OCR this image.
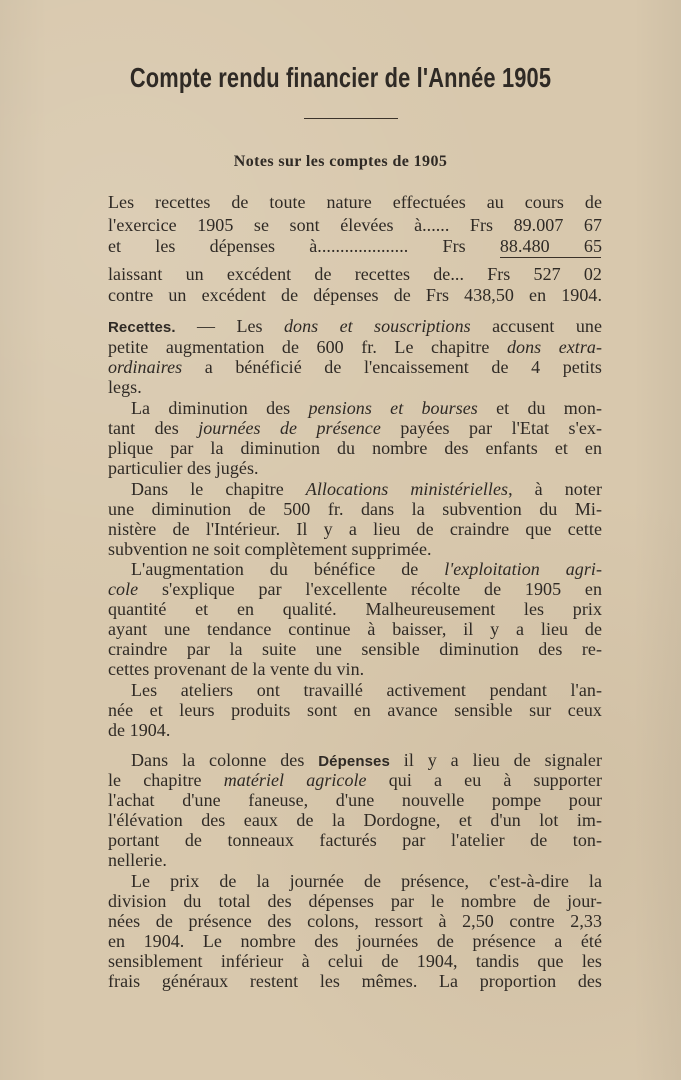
Compte rendu financier de l'Année 1905
Notes sur les comptes de 1905
Les recettes de toute nature effectuées au cours de
l'exercice 1905 se sont élevées à...... Frs 89.007 67
et les dépenses à.................... Frs 88.480 65
laissant un excédent de recettes de... Frs 527 02
contre un excédent de dépenses de Frs 438,50 en 1904.
Recettes. — Les dons et souscriptions accusent une
petite augmentation de 600 fr. Le chapitre dons extra-
ordinaires a bénéficié de l'encaissement de 4 petits
legs.
La diminution des pensions et bourses et du mon-
tant des journées de présence payées par l'Etat s'ex-
plique par la diminution du nombre des enfants et en
particulier des jugés.
Dans le chapitre Allocations ministérielles, à noter
une diminution de 500 fr. dans la subvention du Mi-
nistère de l'Intérieur. Il y a lieu de craindre que cette
subvention ne soit complètement supprimée.
L'augmentation du bénéfice de l'exploitation agri-
cole s'explique par l'excellente récolte de 1905 en
quantité et en qualité. Malheureusement les prix
ayant une tendance continue à baisser, il y a lieu de
craindre par la suite une sensible diminution des re-
cettes provenant de la vente du vin.
Les ateliers ont travaillé activement pendant l'an-
née et leurs produits sont en avance sensible sur ceux
de 1904.
Dans la colonne des Dépenses il y a lieu de signaler
le chapitre matériel agricole qui a eu à supporter
l'achat d'une faneuse, d'une nouvelle pompe pour
l'élévation des eaux de la Dordogne, et d'un lot im-
portant de tonneaux facturés par l'atelier de ton-
nellerie.
Le prix de la journée de présence, c'est-à-dire la
division du total des dépenses par le nombre de jour-
nées de présence des colons, ressort à 2,50 contre 2,33
en 1904. Le nombre des journées de présence a été
sensiblement inférieur à celui de 1904, tandis que les
frais généraux restent les mêmes. La proportion des
